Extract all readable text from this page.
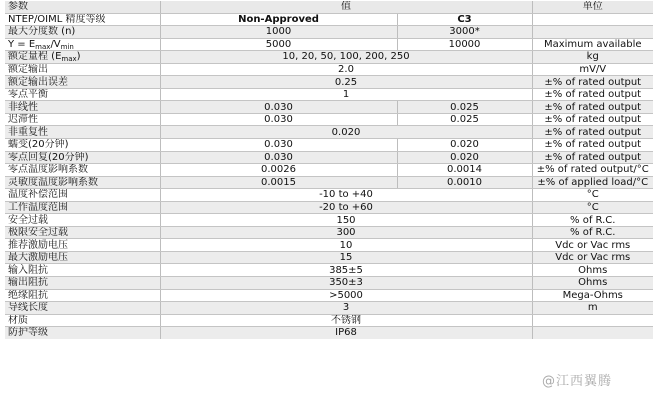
参数	值		单位
NTEP/OIML 精度等级	Non-Approved	C3	
最大分度数 (n)	1000	3000*	
$Y = E_{max}/V_{min}$	5000	10000	Maximum available
额定量程 $(E_{max})$	10, 20, 50, 100, 200, 250		kg
额定输出	2.0		mV/V
额定输出误差	0.25		±% of rated output
零点平衡	1		±% of rated output
非线性	0.030	0.025	±% of rated output
迟滞性	0.030	0.025	±% of rated output
非重复性	0.020		±% of rated output
蠕变(20分钟)	0.030	0.020	±% of rated output
零点回复(20分钟)	0.030	0.020	±% of rated output
零点温度影响系数	0.0026	0.0014	±% of rated output/°C
灵敏度温度影响系数	0.0015	0.0010	±% of applied load/°C
温度补偿范围	-10 to +40		°C
工作温度范围	-20 to +60		°C
安全过载	150		% of R.C.
极限安全过载	300		% of R.C.
推荐激励电压	10		Vdc or Vac rms
最大激励电压	15		Vdc or Vac rms
输入阻抗	385±5		Ohms
输出阻抗	350±3		Ohms
绝缘阻抗	>5000		Mega-Ohms
导线长度	3		m
材质	不锈钢		
防护等级	IP68		
@江西翼腾
